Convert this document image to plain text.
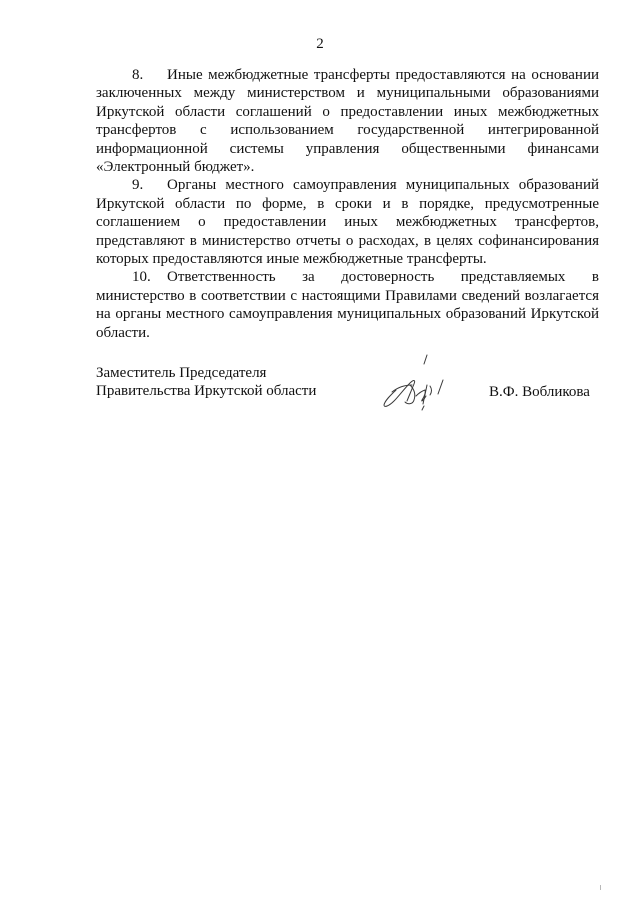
2

8. Иные межбюджетные трансферты предоставляются на основании заключенных между министерством и муниципальными образованиями Иркутской области соглашений о предоставлении иных межбюджетных трансфертов с использованием государственной интегрированной информационной системы управления общественными финансами «Электронный бюджет».

9. Органы местного самоуправления муниципальных образований Иркутской области по форме, в сроки и в порядке, предусмотренные соглашением о предоставлении иных межбюджетных трансфертов, представляют в министерство отчеты о расходах, в целях софинансирования которых предоставляются иные межбюджетные трансферты.

10. Ответственность за достоверность представляемых в министерство в соответствии с настоящими Правилами сведений возлагается на органы местного самоуправления муниципальных образований Иркутской области.

Заместитель Председателя
Правительства Иркутской области	В.Ф. Вобликова
